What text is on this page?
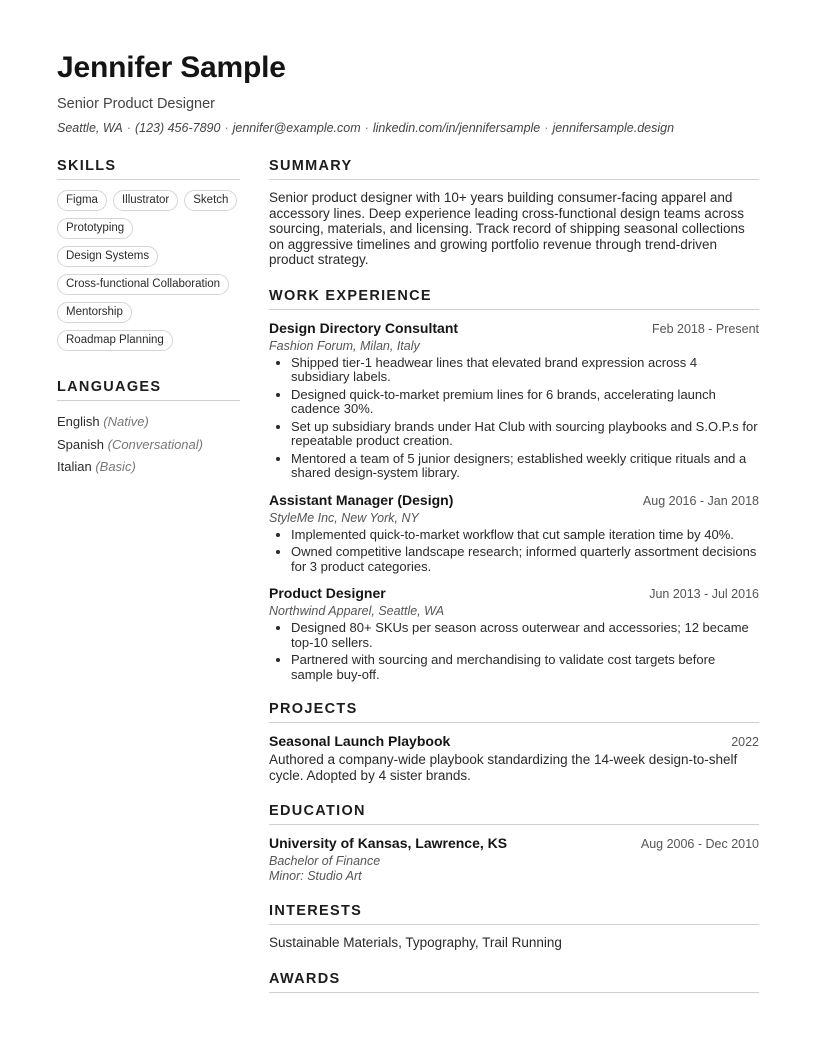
Jennifer Sample
Senior Product Designer
Seattle, WA · (123) 456-7890 · jennifer@example.com · linkedin.com/in/jennifersample · jennifersample.design
SKILLS
Figma	Illustrator	Sketch
Prototyping
Design Systems
Cross-functional Collaboration
Mentorship
Roadmap Planning
LANGUAGES
English (Native)
Spanish (Conversational)
Italian (Basic)
SUMMARY
Senior product designer with 10+ years building consumer-facing apparel and accessory lines. Deep experience leading cross-functional design teams across sourcing, materials, and licensing. Track record of shipping seasonal collections on aggressive timelines and growing portfolio revenue through trend-driven product strategy.
WORK EXPERIENCE
Design Directory Consultant	Feb 2018 - Present
Fashion Forum, Milan, Italy
• Shipped tier-1 headwear lines that elevated brand expression across 4 subsidiary labels.
• Designed quick-to-market premium lines for 6 brands, accelerating launch cadence 30%.
• Set up subsidiary brands under Hat Club with sourcing playbooks and S.O.P.s for repeatable product creation.
• Mentored a team of 5 junior designers; established weekly critique rituals and a shared design-system library.
Assistant Manager (Design)	Aug 2016 - Jan 2018
StyleMe Inc, New York, NY
• Implemented quick-to-market workflow that cut sample iteration time by 40%.
• Owned competitive landscape research; informed quarterly assortment decisions for 3 product categories.
Product Designer	Jun 2013 - Jul 2016
Northwind Apparel, Seattle, WA
• Designed 80+ SKUs per season across outerwear and accessories; 12 became top-10 sellers.
• Partnered with sourcing and merchandising to validate cost targets before sample buy-off.
PROJECTS
Seasonal Launch Playbook	2022
Authored a company-wide playbook standardizing the 14-week design-to-shelf cycle. Adopted by 4 sister brands.
EDUCATION
University of Kansas, Lawrence, KS	Aug 2006 - Dec 2010
Bachelor of Finance
Minor: Studio Art
INTERESTS
Sustainable Materials, Typography, Trail Running
AWARDS
